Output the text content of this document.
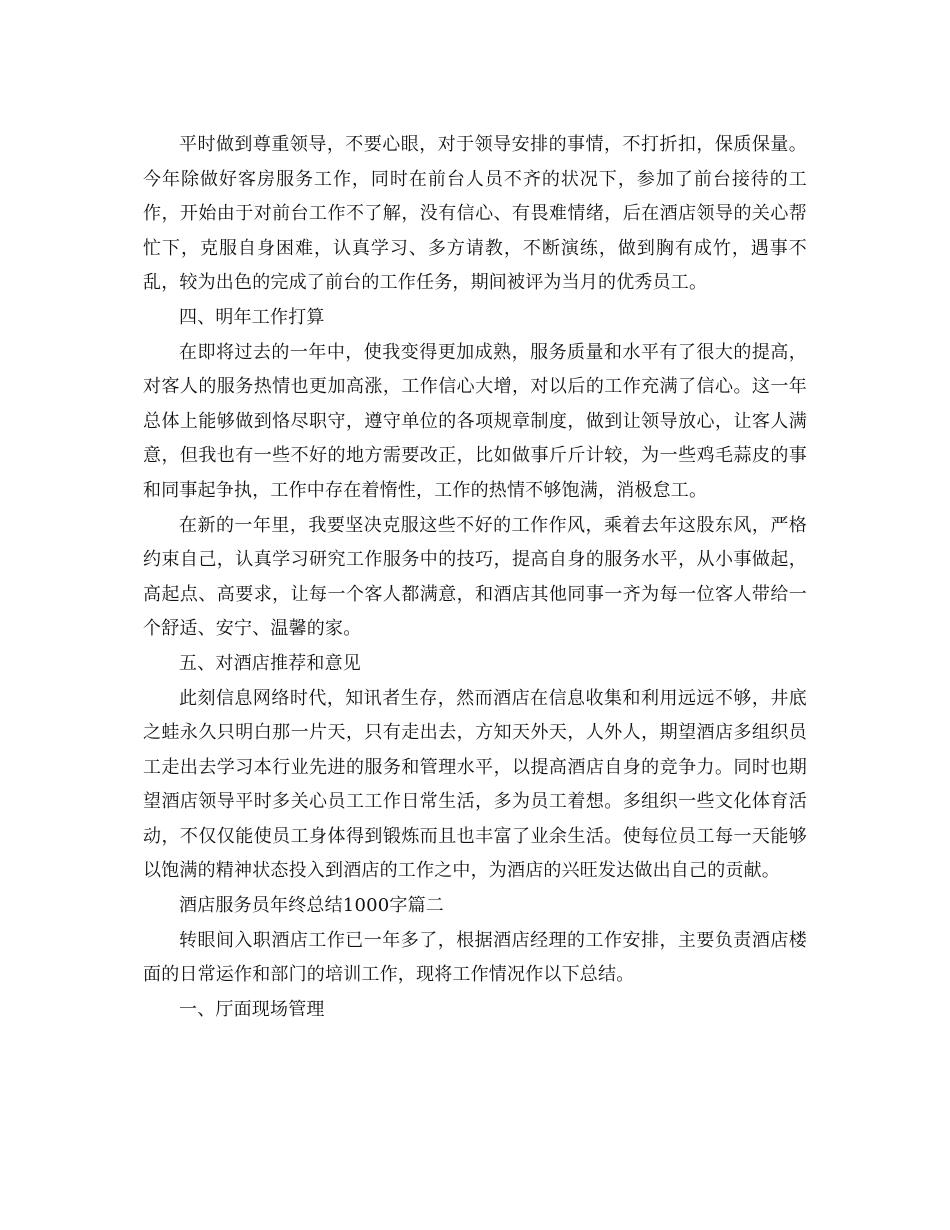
平时做到尊重领导，不要心眼，对于领导安排的事情，不打折扣，保质保量。今年除做好客房服务工作，同时在前台人员不齐的状况下，参加了前台接待的工作，开始由于对前台工作不了解，没有信心、有畏难情绪，后在酒店领导的关心帮忙下，克服自身困难，认真学习、多方请教，不断演练，做到胸有成竹，遇事不乱，较为出色的完成了前台的工作任务，期间被评为当月的优秀员工。

四、明年工作打算

在即将过去的一年中，使我变得更加成熟，服务质量和水平有了很大的提高，对客人的服务热情也更加高涨，工作信心大增，对以后的工作充满了信心。这一年总体上能够做到恪尽职守，遵守单位的各项规章制度，做到让领导放心，让客人满意，但我也有一些不好的地方需要改正，比如做事斤斤计较，为一些鸡毛蒜皮的事和同事起争执，工作中存在着惰性，工作的热情不够饱满，消极怠工。

在新的一年里，我要坚决克服这些不好的工作作风，乘着去年这股东风，严格约束自己，认真学习研究工作服务中的技巧，提高自身的服务水平，从小事做起，高起点、高要求，让每一个客人都满意，和酒店其他同事一齐为每一位客人带给一个舒适、安宁、温馨的家。

五、对酒店推荐和意见

此刻信息网络时代，知讯者生存，然而酒店在信息收集和利用远远不够，井底之蛙永久只明白那一片天，只有走出去，方知天外天，人外人，期望酒店多组织员工走出去学习本行业先进的服务和管理水平，以提高酒店自身的竞争力。同时也期望酒店领导平时多关心员工工作日常生活，多为员工着想。多组织一些文化体育活动，不仅仅能使员工身体得到锻炼而且也丰富了业余生活。使每位员工每一天能够以饱满的精神状态投入到酒店的工作之中，为酒店的兴旺发达做出自己的贡献。

酒店服务员年终总结1000字篇二

转眼间入职酒店工作已一年多了，根据酒店经理的工作安排，主要负责酒店楼面的日常运作和部门的培训工作，现将工作情况作以下总结。

一、厅面现场管理
